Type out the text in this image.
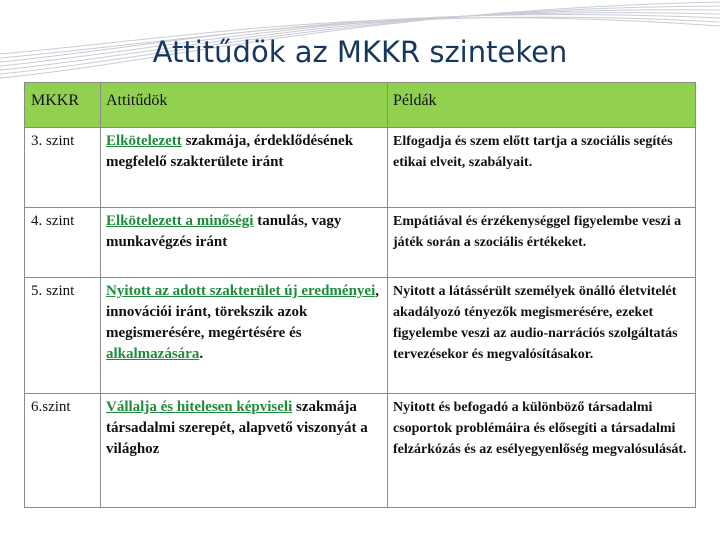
Attitűdök az MKKR szinteken
MKKR	Attitűdök	Példák
3. szint	Elkötelezett szakmája, érdeklődésének megfelelő szakterülete iránt	Elfogadja és szem előtt tartja a szociális segítés etikai elveit, szabályait.
4. szint	Elkötelezett a minőségi tanulás, vagy munkavégzés iránt	Empátiával és érzékenységgel figyelembe veszi a játék során a szociális értékeket.
5. szint	Nyitott az adott szakterület új eredményei, innovációi iránt, törekszik azok megismerésére, megértésére és alkalmazására.	Nyitott a látássérült személyek önálló életvitelét akadályozó tényezők megismerésére, ezeket figyelembe veszi az audio-narrációs szolgáltatás tervezésekor és megvalósításakor.
6.szint	Vállalja és hitelesen képviseli szakmája társadalmi szerepét, alapvető viszonyát a világhoz	Nyitott és befogadó a különböző társadalmi csoportok problémáira és elősegíti a társadalmi felzárkózás és az esélyegyenlőség megvalósulását.
